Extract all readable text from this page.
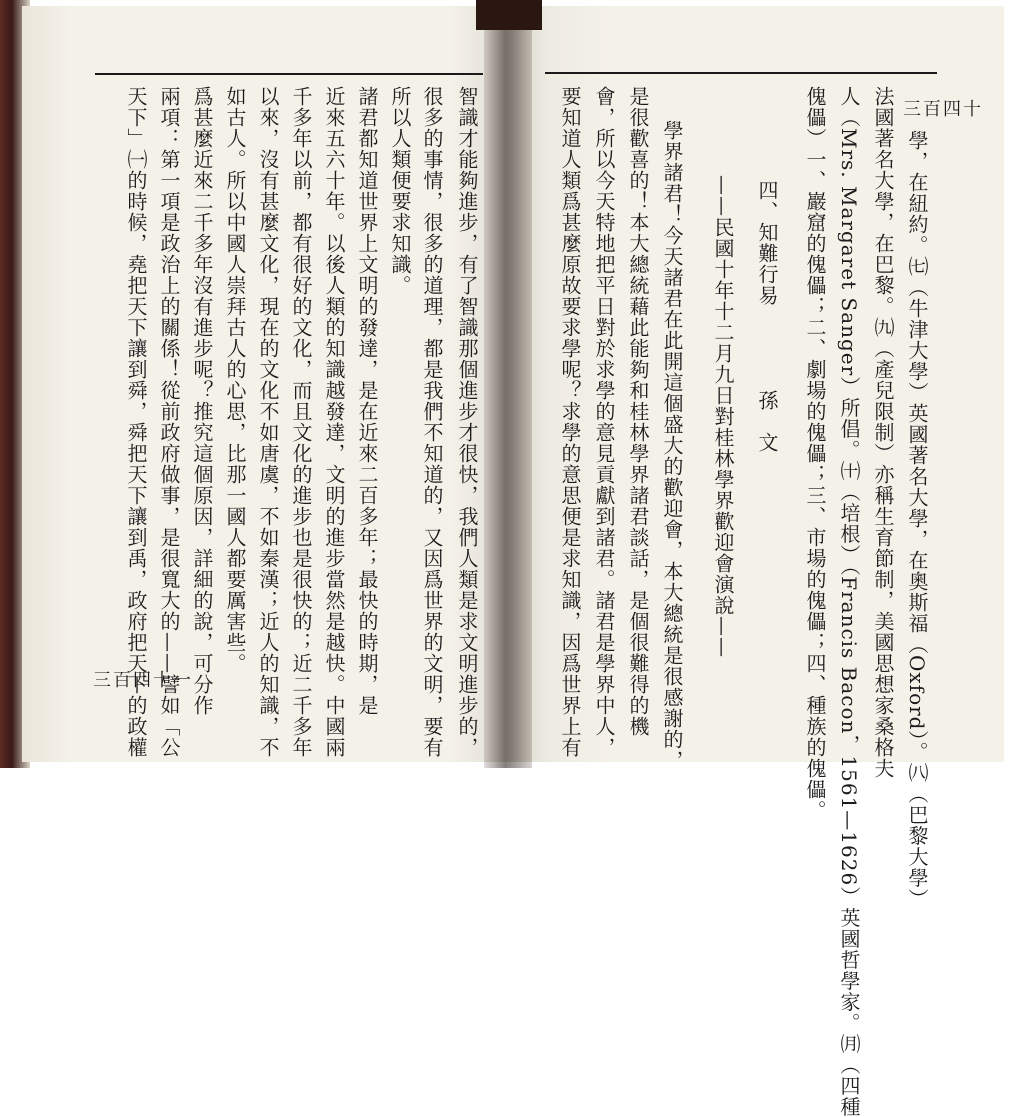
智識才能夠進步，有了智識那個進步才很快，我們人類是求文明進步的，
很多的事情，很多的道理，都是我們不知道的，又因爲世界的文明，要有
所以人類便要求知識。
諸君都知道世界上文明的發達，是在近來二百多年；最快的時期，是
近來五六十年。以後人類的知識越發達，文明的進步當然是越快。中國兩
千多年以前，都有很好的文化，而且文化的進步也是很快的；近二千多年
以來，沒有甚麼文化，現在的文化不如唐虞，不如秦漢；近人的知識，不
如古人。所以中國人崇拜古人的心思，比那一國人都要厲害些。
爲甚麼近來二千多年沒有進步呢？推究這個原因，詳細的說，可分作
兩項：第一項是政治上的關係！從前政府做事，是很寬大的——譬如「公
天下」㈠的時候，堯把天下讓到舜，舜把天下讓到禹，政府把天下的政權
三百四十一	學，在紐約。㈦（牛津大學）英國著名大學，在奧斯福（Oxford）。㈧（巴黎大學）
法國著名大學，在巴黎。㈨（產兒限制）亦稱生育節制，美國思想家桑格夫
人（Mrs. Margaret Sanger）所倡。㈩（培根）（Francis Bacon，1561—1626）英國哲學家。㈪（四種
傀儡）一、巖窟的傀儡；二、劇場的傀儡；三、市場的傀儡；四、種族的傀儡。
四、知難行易　　　　孫　文
——民國十年十二月九日對桂林學界歡迎會演說——
學界諸君！今天諸君在此開這個盛大的歡迎會，本大總統是很感謝的，
是很歡喜的！本大總統藉此能夠和桂林學界諸君談話，是個很難得的機
會，所以今天特地把平日對於求學的意見貢獻到諸君。諸君是學界中人，
要知道人類爲甚麼原故要求學呢？求學的意思便是求知識，因爲世界上有	三百四十
